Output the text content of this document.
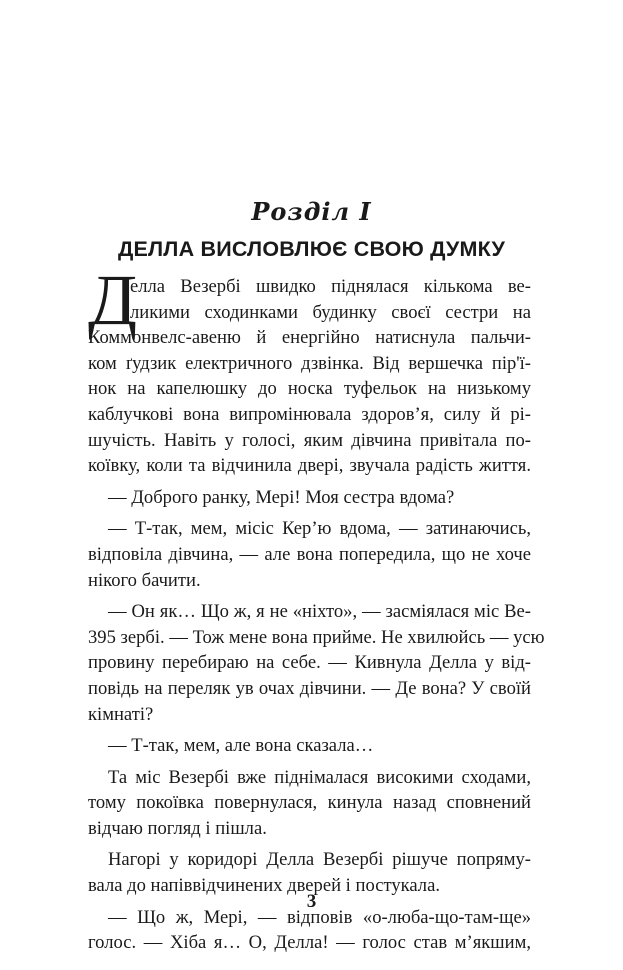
Розділ І
ДЕЛЛА ВИСЛОВЛЮЄ СВОЮ ДУМКУ
Д
елла Везербі швидко піднялася кількома ве-
ликими сходинками будинку своєї сестри на
Коммонвелс-авеню й енергійно натиснула пальчи-
ком ґудзик електричного дзвінка. Від вершечка пір'ї-
нок на капелюшку до носка туфельок на низькому
каблучкові вона випромінювала здоров’я, силу й рі-
шучість. Навіть у голосі, яким дівчина привітала по-
коївку, коли та відчинила двері, звучала радість життя.
— Доброго ранку, Мері! Моя сестра вдома?
— Т-так, мем, місіс Кер’ю вдома, — затинаючись,
відповіла дівчина, — але вона попередила, що не хоче
нікого бачити.
— Он як… Що ж, я не «ніхто», — засміялася міс Ве-
395 зербі. — Тож мене вона прийме. Не хвилюйсь — усю
провину перебираю на себе. — Кивнула Делла у від-
повідь на переляк ув очах дівчини. — Де вона? У своїй
кімнаті?
— Т-так, мем, але вона сказала…
Та міс Везербі вже піднімалася високими сходами,
тому покоївка повернулася, кинула назад сповнений
відчаю погляд і пішла.
Нагорі у коридорі Делла Везербі рішуче попряму-
вала до напіввідчинених дверей і постукала.
— Що ж, Мері, — відповів «о-люба-що-там-ще»
голос. — Хіба я… О, Делла! — голос став м’якшим,
3
